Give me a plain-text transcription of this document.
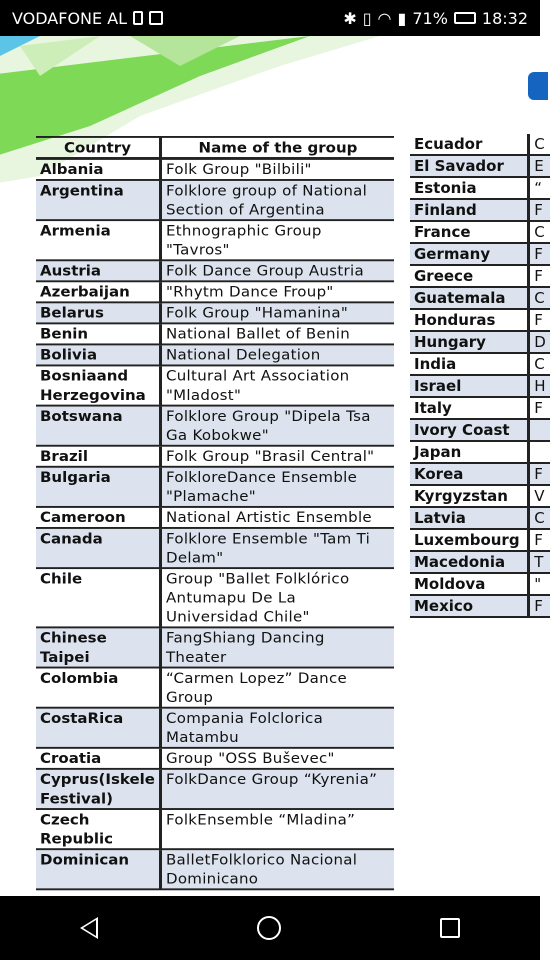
VODAFONE AL	✱ ▯ ◠ ▮ 71% 18:32
Country	Name of the group
Albania	Folk Group "Bilbili"
Argentina	Folklore group of National Section of Argentina
Armenia	Ethnographic Group "Tavros"
Austria	Folk Dance Group Austria
Azerbaijan	"Rhytm Dance Froup"
Belarus	Folk Group "Hamanina"
Benin	National Ballet of Benin
Bolivia	National Delegation
Bosniaand Herzegovina	Cultural Art Association "Mladost"
Botswana	Folklore Group "Dipela Tsa Ga Kobokwe"
Brazil	Folk Group "Brasil Central"
Bulgaria	FolkloreDance Ensemble "Plamache"
Cameroon	National Artistic Ensemble
Canada	Folklore Ensemble "Tam Ti Delam"
Chile	Group "Ballet Folklórico Antumapu De La Universidad Chile"
Chinese Taipei	FangShiang Dancing Theater
Colombia	“Carmen Lopez” Dance Group
CostaRica	Compania Folclorica Matambu
Croatia	Group "OSS Buševec"
Cyprus(Iskele Festival)	FolkDance Group “Kyrenia”
Czech Republic	FolkEnsemble “Mladina”
Dominican	BalletFolklorico Nacional Dominicano
Ecuador	C
El Savador	E
Estonia	“
Finland	F
France	C
Germany	F
Greece	F
Guatemala	C
Honduras	F
Hungary	D
India	C
Israel	H
Italy	F
Ivory Coast	
Japan	
Korea	F
Kyrgyzstan	V
Latvia	C
Luxembourg	F
Macedonia	T
Moldova	"
Mexico	F
